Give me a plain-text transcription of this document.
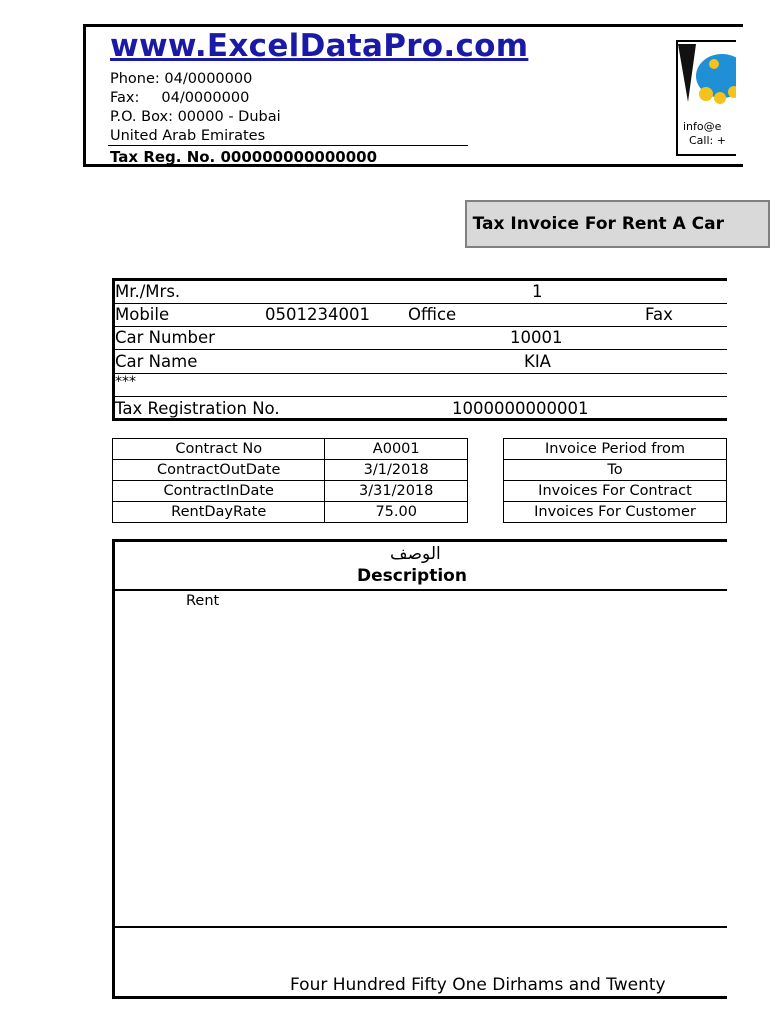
www.ExcelDataPro.com
Phone: 04/0000000
Fax: 04/0000000
P.O. Box: 00000 - Dubai
United Arab Emirates
Tax Reg. No. 000000000000000
info@e
Call: +
Tax Invoice For Rent A Car
Mr./Mrs.	1
Mobile	0501234001 Office	Fax
Car Number	10001
Car Name	KIA
***
Tax Registration No.	1000000000001
Contract No	A0001
ContractOutDate	3/1/2018
ContractInDate	3/31/2018
RentDayRate	75.00
Invoice Period from
To
Invoices For Contract
Invoices For Customer
الوصف
Description
Rent
Four Hundred Fifty One Dirhams and Twenty
